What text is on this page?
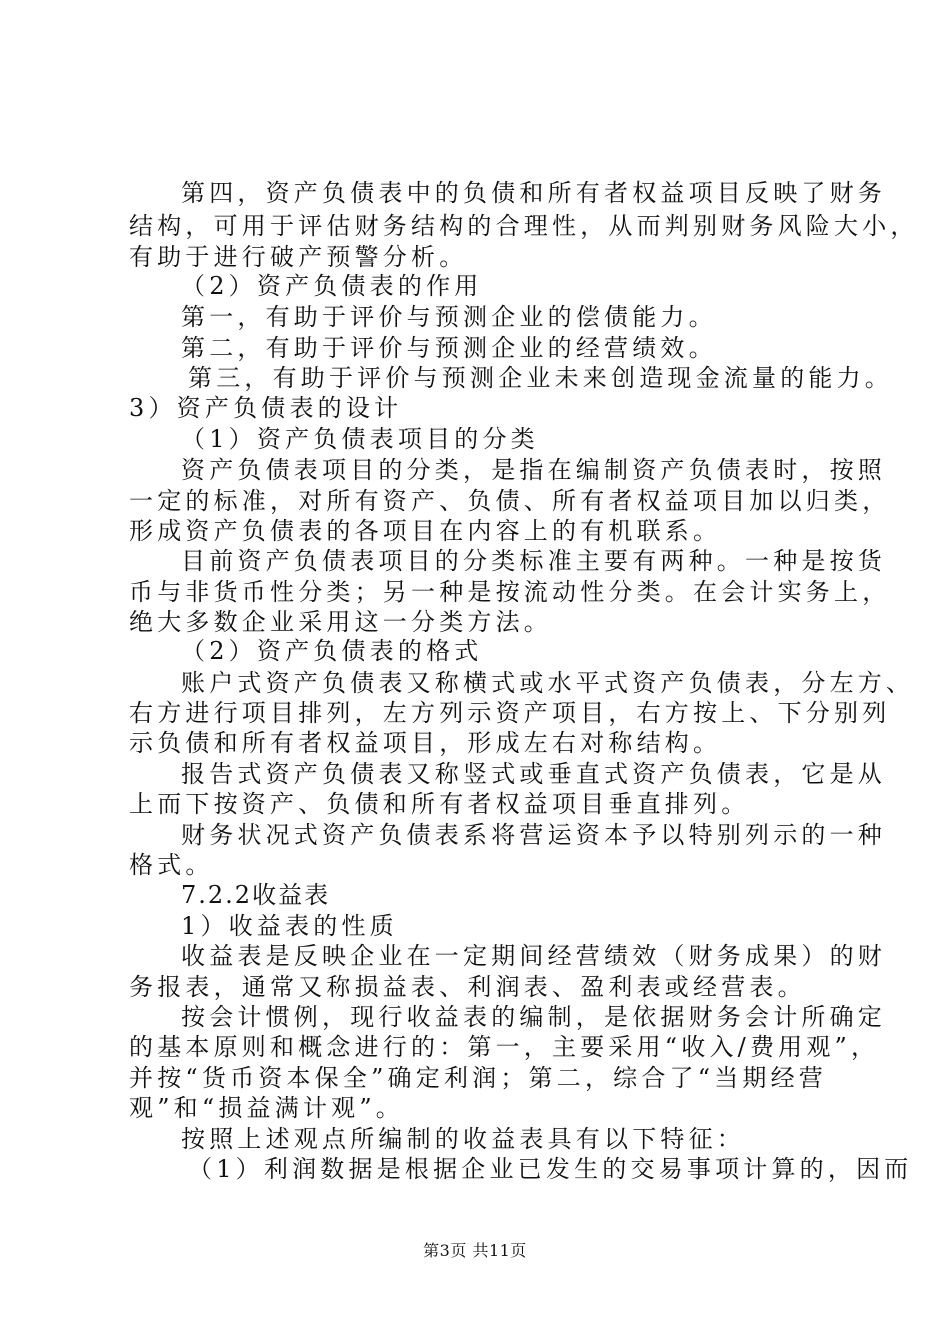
第四，资产负债表中的负债和所有者权益项目反映了财务
结构，可用于评估财务结构的合理性，从而判别财务风险大小，
有助于进行破产预警分析。
（2）资产负债表的作用
第一，有助于评价与预测企业的偿债能力。
第二，有助于评价与预测企业的经营绩效。
第三，有助于评价与预测企业未来创造现金流量的能力。
3）资产负债表的设计
（1）资产负债表项目的分类
资产负债表项目的分类，是指在编制资产负债表时，按照
一定的标准，对所有资产、负债、所有者权益项目加以归类，
形成资产负债表的各项目在内容上的有机联系。
目前资产负债表项目的分类标准主要有两种。一种是按货
币与非货币性分类；另一种是按流动性分类。在会计实务上，
绝大多数企业采用这一分类方法。
（2）资产负债表的格式
账户式资产负债表又称横式或水平式资产负债表，分左方、
右方进行项目排列，左方列示资产项目，右方按上、下分别列
示负债和所有者权益项目，形成左右对称结构。
报告式资产负债表又称竖式或垂直式资产负债表，它是从
上而下按资产、负债和所有者权益项目垂直排列。
财务状况式资产负债表系将营运资本予以特别列示的一种
格式。
7.2.2收益表
1）收益表的性质
收益表是反映企业在一定期间经营绩效（财务成果）的财
务报表，通常又称损益表、利润表、盈利表或经营表。
按会计惯例，现行收益表的编制，是依据财务会计所确定
的基本原则和概念进行的：第一，主要采用“收入/费用观”，
并按“货币资本保全”确定利润；第二，综合了“当期经营
观”和“损益满计观”。
按照上述观点所编制的收益表具有以下特征：
（1）利润数据是根据企业已发生的交易事项计算的，因而
第3页 共11页
